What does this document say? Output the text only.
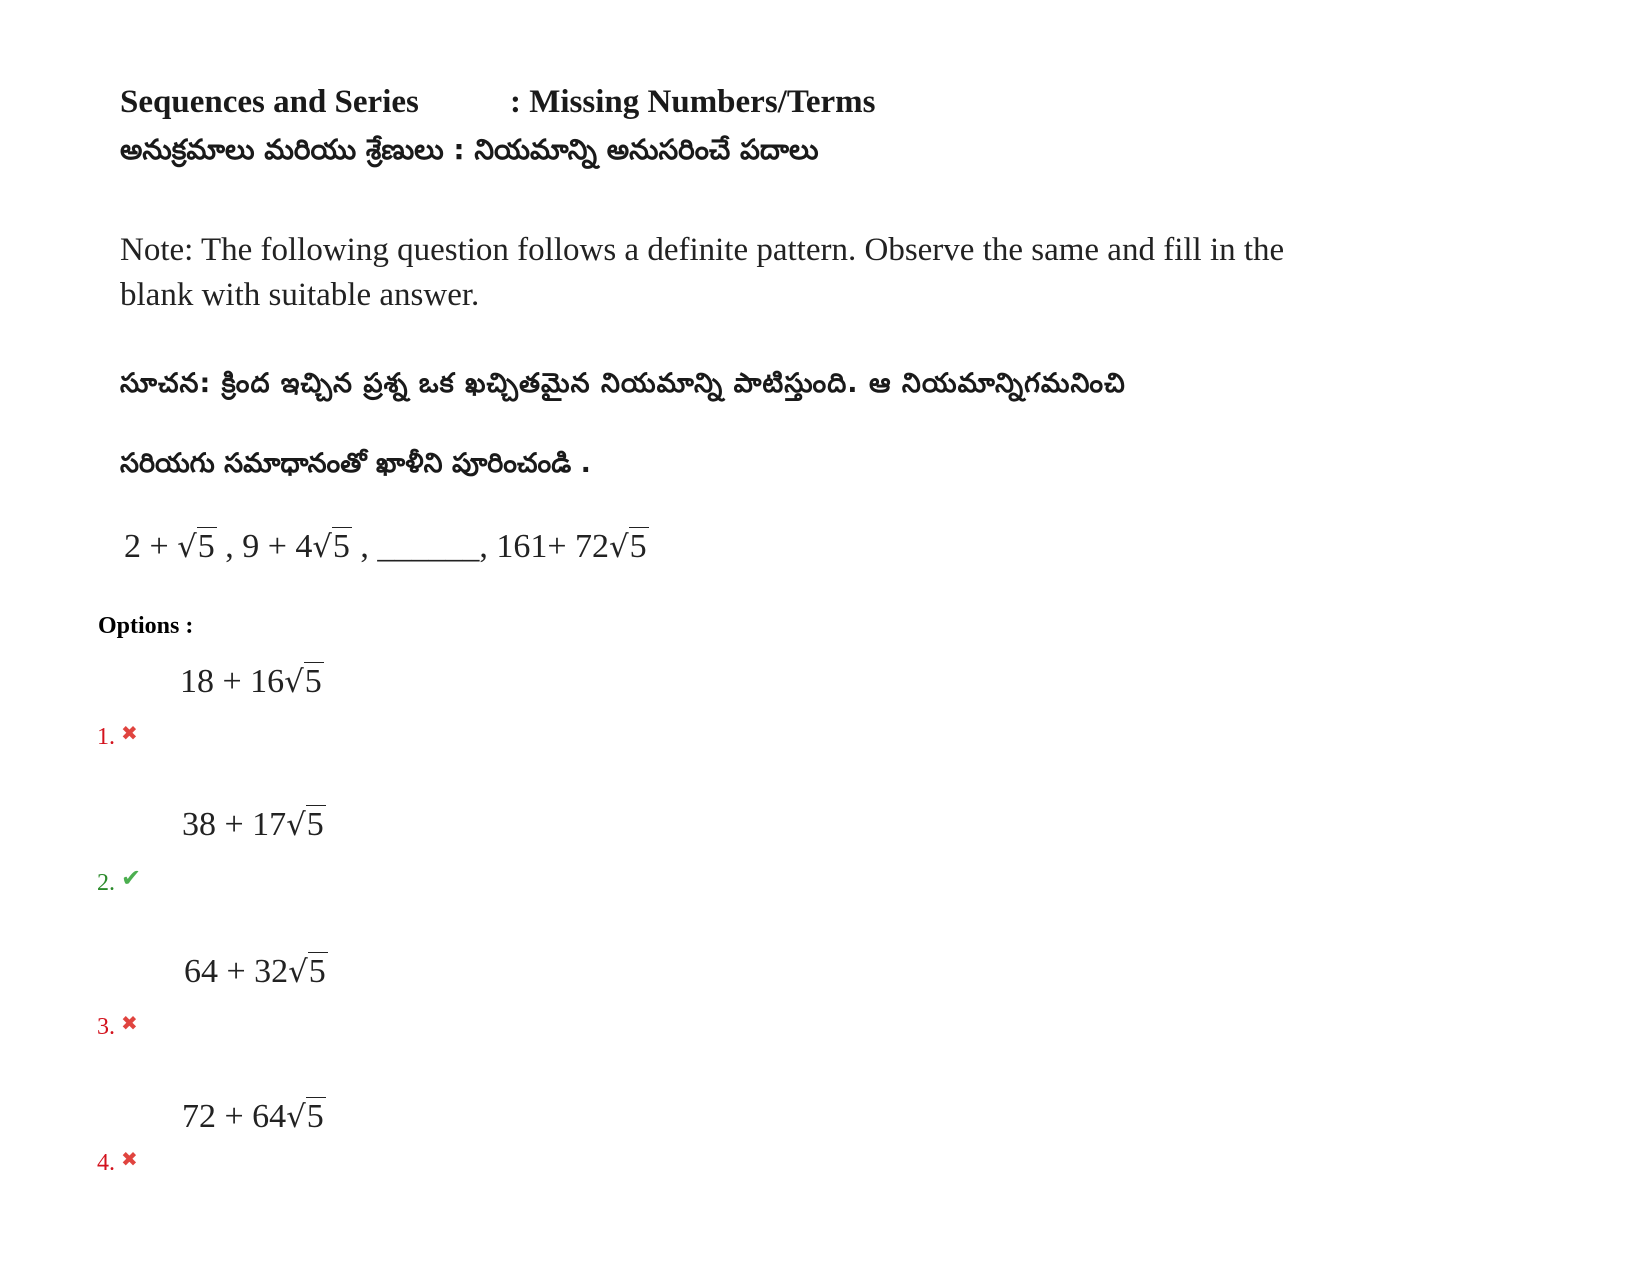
Sequences and Series	: Missing Numbers/Terms
అనుక్రమాలు మరియు శ్రేణులు : నియమాన్ని అనుసరించే పదాలు
Note: The following question follows a definite pattern. Observe the same and fill in the blank with suitable answer.
సూచన: క్రింద ఇచ్చిన ప్రశ్న ఒక ఖచ్చితమైన నియమాన్ని పాటిస్తుంది. ఆ నియమాన్నిగమనించి
సరియగు సమాధానంతో ఖాళీని పూరించండి .
2 + √5 , 9 + 4√5 , ______, 161+ 72√5
Options :
18 + 16√5
1. ✖
38 + 17√5
2. ✔
64 + 32√5
3. ✖
72 + 64√5
4. ✖
